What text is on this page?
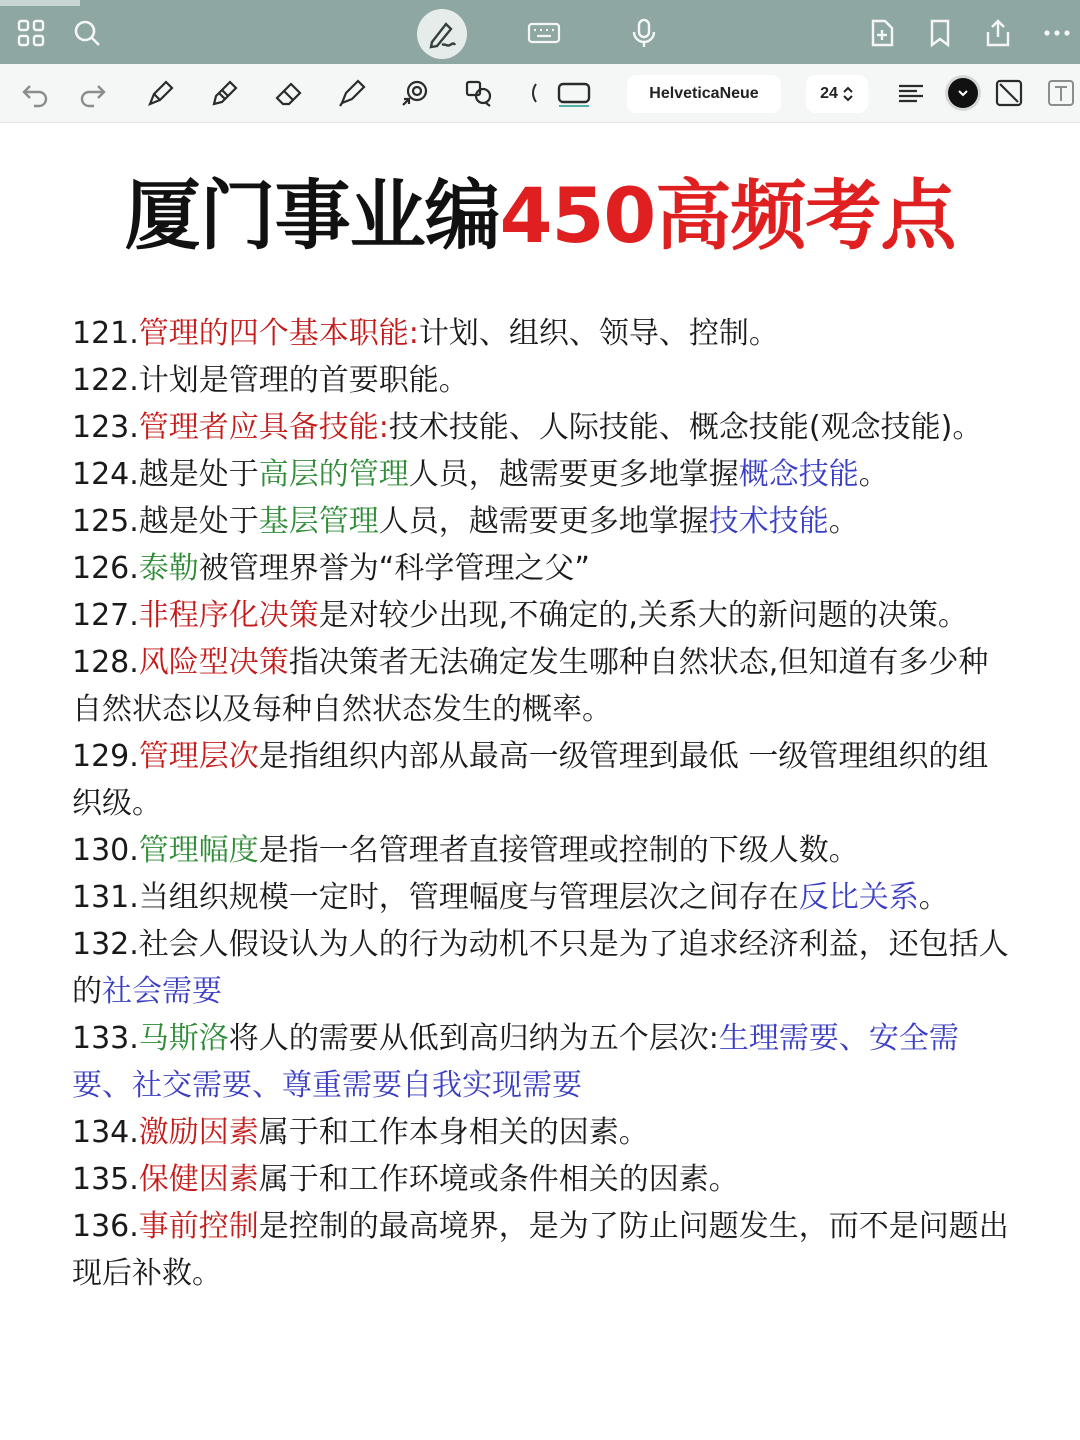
HelveticaNeue	24
厦门事业编450高频考点

121.管理的四个基本职能:计划、组织、领导、控制。

122.计划是管理的首要职能。

123.管理者应具备技能:技术技能、人际技能、概念技能(观念技能)。

124.越是处于高层的管理人员，越需要更多地掌握概念技能。

125.越是处于基层管理人员，越需要更多地掌握技术技能。

126.泰勒被管理界誉为“科学管理之父”

127.非程序化决策是对较少出现,不确定的,关系大的新问题的决策。

128.风险型决策指决策者无法确定发生哪种自然状态,但知道有多少种自然状态以及每种自然状态发生的概率。

129.管理层次是指组织内部从最高一级管理到最低 一级管理组织的组织级。

130.管理幅度是指一名管理者直接管理或控制的下级人数。

131.当组织规模一定时，管理幅度与管理层次之间存在反比关系。

132.社会人假设认为人的行为动机不只是为了追求经济利益，还包括人的社会需要

133.马斯洛将人的需要从低到高归纳为五个层次:生理需要、安全需要、社交需要、尊重需要自我实现需要

134.激励因素属于和工作本身相关的因素。

135.保健因素属于和工作环境或条件相关的因素。

136.事前控制是控制的最高境界，是为了防止问题发生，而不是问题出现后补救。
